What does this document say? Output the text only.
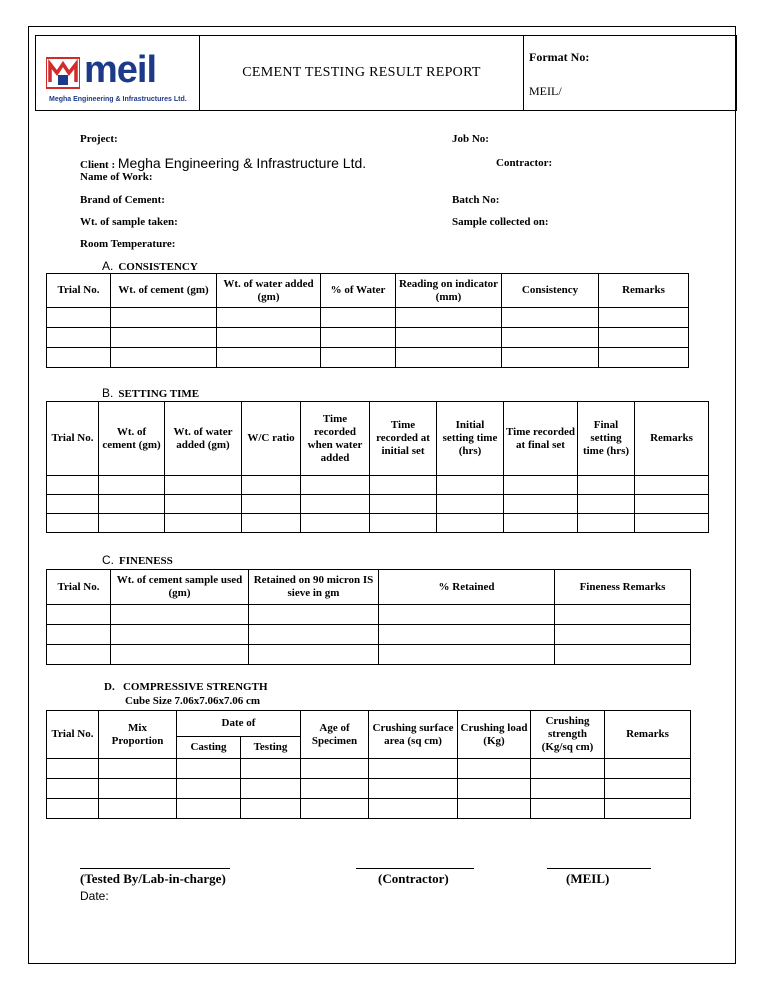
meil
Megha Engineering & Infrastructures Ltd.
CEMENT TESTING RESULT REPORT
Format No:
MEIL/
Project:	Job No:
Client : Megha Engineering & Infrastructure Ltd.	Contractor:
Name of Work:
Brand of Cement:	Batch No:
Wt. of sample taken:	Sample collected on:
Room Temperature:
A. CONSISTENCY
Trial No.	Wt. of cement (gm)	Wt. of water added (gm)	% of Water	Reading on indicator (mm)	Consistency	Remarks

B. SETTING TIME
Trial No.	Wt. of cement (gm)	Wt. of water added (gm)	W/C ratio	Time recorded when water added	Time recorded at initial set	Initial setting time (hrs)	Time recorded at final set	Final setting time (hrs)	Remarks

C. FINENESS
Trial No.	Wt. of cement sample used (gm)	Retained on 90 micron IS sieve in gm	% Retained	Fineness Remarks

D. COMPRESSIVE STRENGTH
Cube Size 7.06x7.06x7.06 cm
Trial No.	Mix Proportion	Date of		Age of Specimen	Crushing surface area (sq cm)	Crushing load (Kg)	Crushing strength (Kg/sq cm)	Remarks
		Casting	Testing					

(Tested By/Lab-in-charge)	(Contractor)	(MEIL)
Date:
